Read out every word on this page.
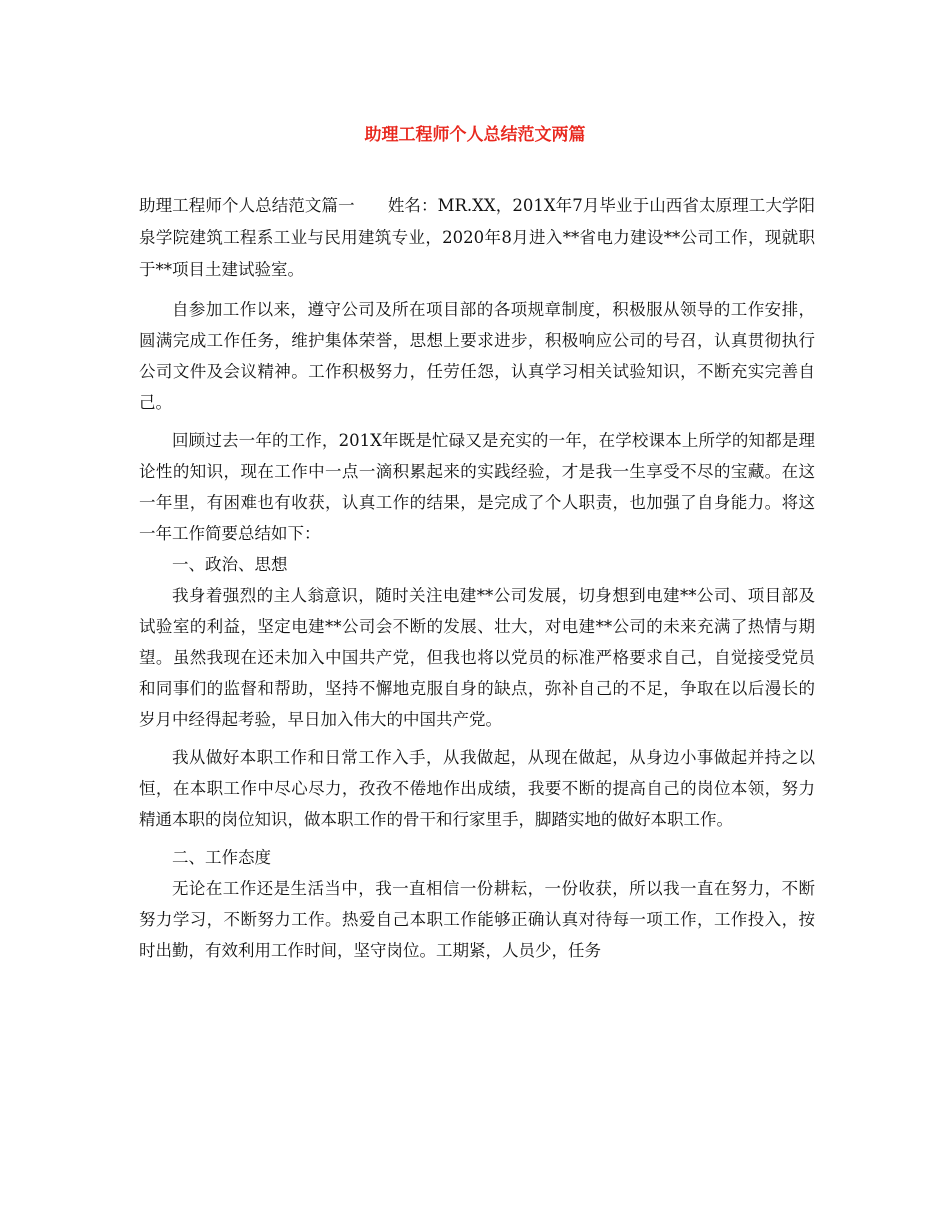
助理工程师个人总结范文两篇

助理工程师个人总结范文篇一　　姓名：MR.XX，201X年7月毕业于山西省太原理工大学阳泉学院建筑工程系工业与民用建筑专业，2020年8月进入**省电力建设**公司工作，现就职于**项目土建试验室。

自参加工作以来，遵守公司及所在项目部的各项规章制度，积极服从领导的工作安排，圆满完成工作任务，维护集体荣誉，思想上要求进步，积极响应公司的号召，认真贯彻执行公司文件及会议精神。工作积极努力，任劳任怨，认真学习相关试验知识，不断充实完善自己。

回顾过去一年的工作，201X年既是忙碌又是充实的一年，在学校课本上所学的知都是理论性的知识，现在工作中一点一滴积累起来的实践经验，才是我一生享受不尽的宝藏。在这一年里，有困难也有收获，认真工作的结果，是完成了个人职责，也加强了自身能力。将这一年工作简要总结如下：

一、政治、思想

我身着强烈的主人翁意识，随时关注电建**公司发展，切身想到电建**公司、项目部及试验室的利益，坚定电建**公司会不断的发展、壮大，对电建**公司的未来充满了热情与期望。虽然我现在还未加入中国共产党，但我也将以党员的标准严格要求自己，自觉接受党员和同事们的监督和帮助，坚持不懈地克服自身的缺点，弥补自己的不足，争取在以后漫长的岁月中经得起考验，早日加入伟大的中国共产党。

我从做好本职工作和日常工作入手，从我做起，从现在做起，从身边小事做起并持之以恒，在本职工作中尽心尽力，孜孜不倦地作出成绩，我要不断的提高自己的岗位本领，努力精通本职的岗位知识，做本职工作的骨干和行家里手，脚踏实地的做好本职工作。

二、工作态度

无论在工作还是生活当中，我一直相信一份耕耘，一份收获，所以我一直在努力，不断努力学习，不断努力工作。热爱自己本职工作能够正确认真对待每一项工作，工作投入，按时出勤，有效利用工作时间，坚守岗位。工期紧，人员少，任务
